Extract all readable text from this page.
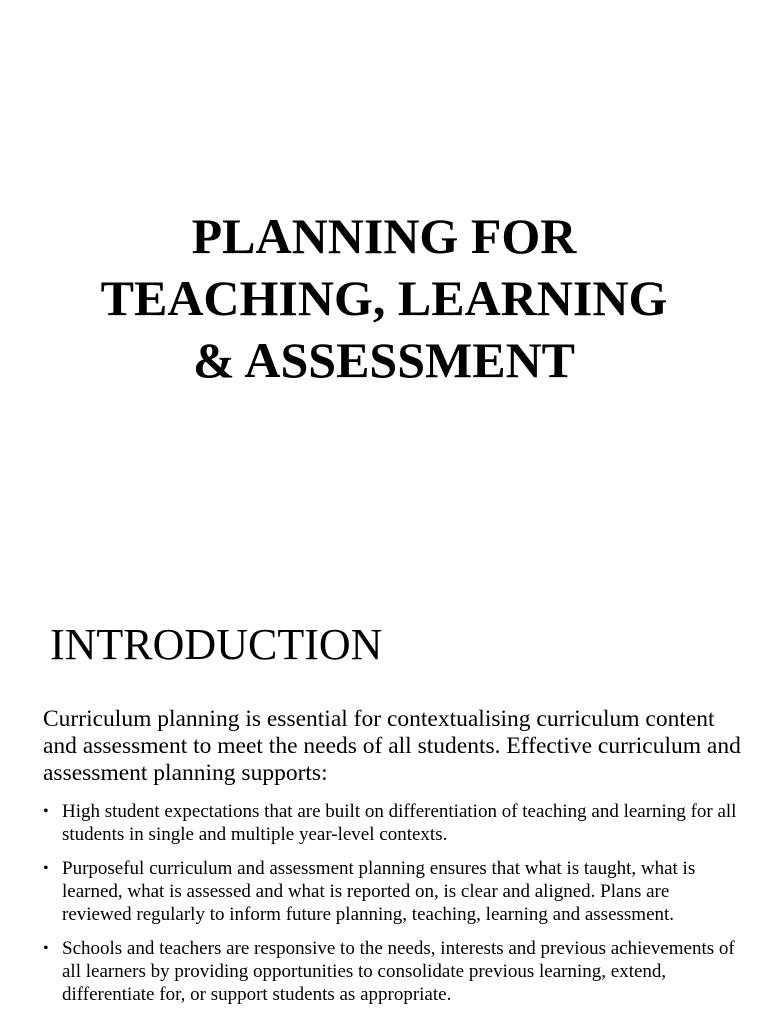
PLANNING FOR
TEACHING, LEARNING
& ASSESSMENT
INTRODUCTION

Curriculum planning is essential for contextualising curriculum content and assessment to meet the needs of all students. Effective curriculum and assessment planning supports:

• High student expectations that are built on differentiation of teaching and learning for all students in single and multiple year-level contexts.
• Purposeful curriculum and assessment planning ensures that what is taught, what is learned, what is assessed and what is reported on, is clear and aligned. Plans are reviewed regularly to inform future planning, teaching, learning and assessment.
• Schools and teachers are responsive to the needs, interests and previous achievements of all learners by providing opportunities to consolidate previous learning, extend, differentiate for, or support students as appropriate.
